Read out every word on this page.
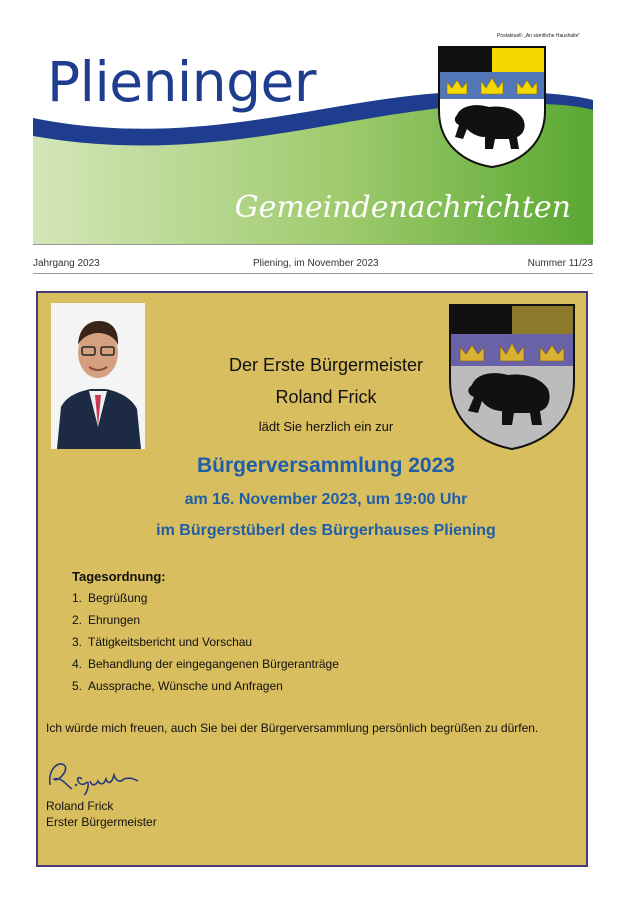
Postaktuell: „An sämtliche Haushalte“
Plieninger
Gemeindenachrichten
Jahrgang 2023	Pliening, im November 2023	Nummer 11/23
Der Erste Bürgermeister
Roland Frick
lädt Sie herzlich ein zur
Bürgerversammlung 2023
am 16. November 2023, um 19:00 Uhr
im Bürgerstüberl des Bürgerhauses Pliening
Tagesordnung:
1. Begrüßung
2. Ehrungen
3. Tätigkeitsbericht und Vorschau
4. Behandlung der eingegangenen Bürgeranträge
5. Aussprache, Wünsche und Anfragen
Ich würde mich freuen, auch Sie bei der Bürgerversammlung persönlich begrüßen zu dürfen.
Roland Frick
Erster Bürgermeister
